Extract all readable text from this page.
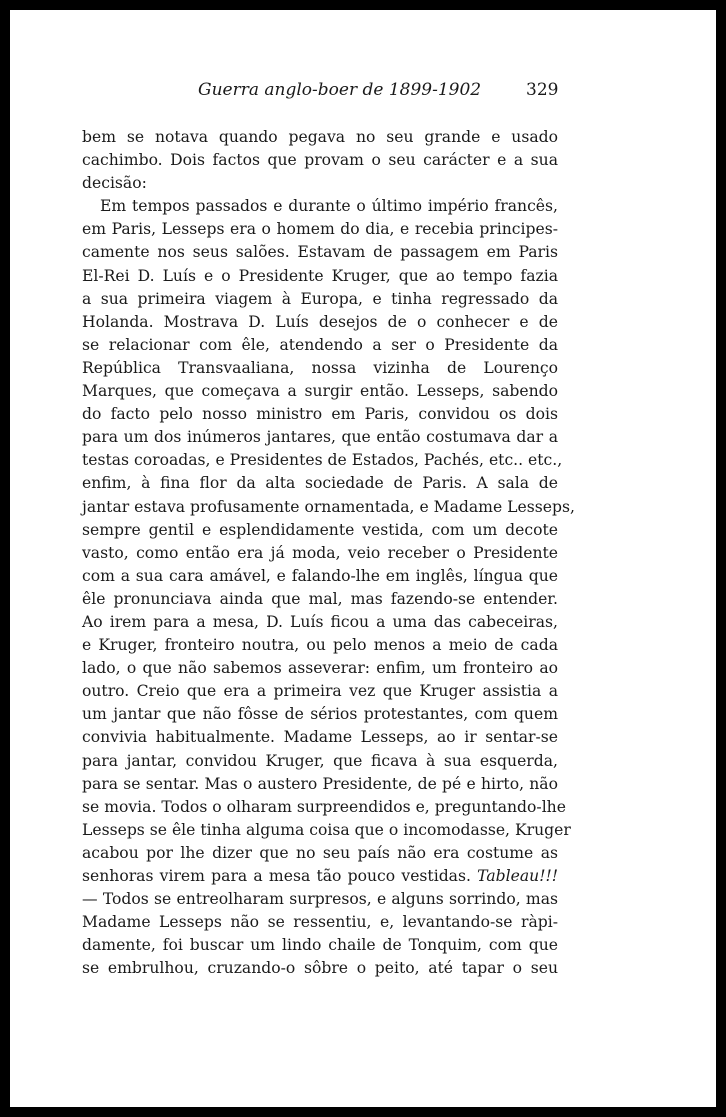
Guerra anglo-boer de 1899-1902	329
bem se notava quando pegava no seu grande e usado
cachimbo. Dois factos que provam o seu carácter e a sua
decisão:
Em tempos passados e durante o último império francês,
em Paris, Lesseps era o homem do dia, e recebia principes-
camente nos seus salões. Estavam de passagem em Paris
El-Rei D. Luís e o Presidente Kruger, que ao tempo fazia
a sua primeira viagem à Europa, e tinha regressado da
Holanda. Mostrava D. Luís desejos de o conhecer e de
se relacionar com êle, atendendo a ser o Presidente da
República Transvaaliana, nossa vizinha de Lourenço
Marques, que começava a surgir então. Lesseps, sabendo
do facto pelo nosso ministro em Paris, convidou os dois
para um dos inúmeros jantares, que então costumava dar a
testas coroadas, e Presidentes de Estados, Pachés, etc.. etc.,
enfim, à fina flor da alta sociedade de Paris. A sala de
jantar estava profusamente ornamentada, e Madame Lesseps,
sempre gentil e esplendidamente vestida, com um decote
vasto, como então era já moda, veio receber o Presidente
com a sua cara amável, e falando-lhe em inglês, língua que
êle pronunciava ainda que mal, mas fazendo-se entender.
Ao irem para a mesa, D. Luís ficou a uma das cabeceiras,
e Kruger, fronteiro noutra, ou pelo menos a meio de cada
lado, o que não sabemos asseverar: enfim, um fronteiro ao
outro. Creio que era a primeira vez que Kruger assistia a
um jantar que não fôsse de sérios protestantes, com quem
convivia habitualmente. Madame Lesseps, ao ir sentar-se
para jantar, convidou Kruger, que ficava à sua esquerda,
para se sentar. Mas o austero Presidente, de pé e hirto, não
se movia. Todos o olharam surpreendidos e, preguntando-lhe
Lesseps se êle tinha alguma coisa que o incomodasse, Kruger
acabou por lhe dizer que no seu país não era costume as
senhoras virem para a mesa tão pouco vestidas. Tableau!!!
— Todos se entreolharam surpresos, e alguns sorrindo, mas
Madame Lesseps não se ressentiu, e, levantando-se ràpi-
damente, foi buscar um lindo chaile de Tonquim, com que
se embrulhou, cruzando-o sôbre o peito, até tapar o seu
